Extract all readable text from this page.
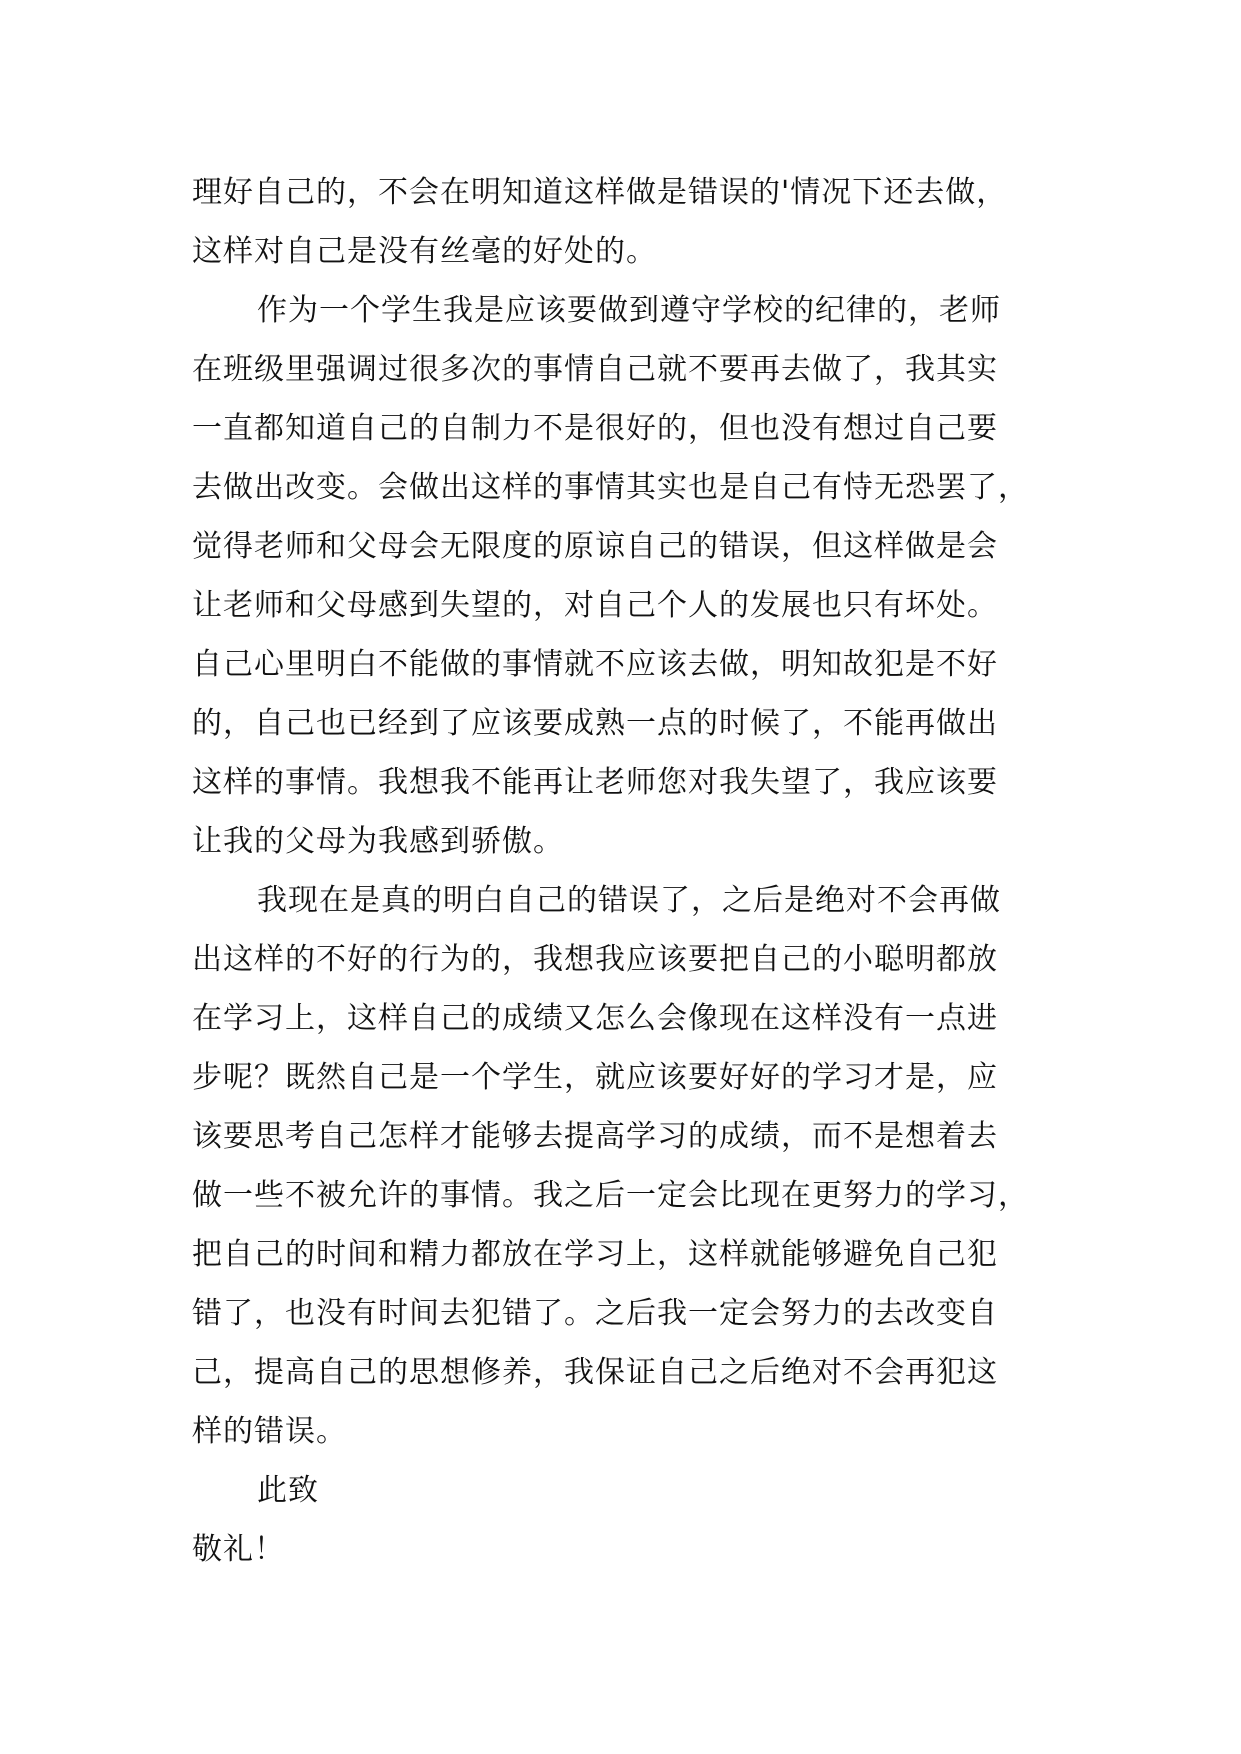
理好自己的，不会在明知道这样做是错误的'情况下还去做，
这样对自己是没有丝毫的好处的。
作为一个学生我是应该要做到遵守学校的纪律的，老师
在班级里强调过很多次的事情自己就不要再去做了，我其实
一直都知道自己的自制力不是很好的，但也没有想过自己要
去做出改变。会做出这样的事情其实也是自己有恃无恐罢了，
觉得老师和父母会无限度的原谅自己的错误，但这样做是会
让老师和父母感到失望的，对自己个人的发展也只有坏处。
自己心里明白不能做的事情就不应该去做，明知故犯是不好
的，自己也已经到了应该要成熟一点的时候了，不能再做出
这样的事情。我想我不能再让老师您对我失望了，我应该要
让我的父母为我感到骄傲。
我现在是真的明白自己的错误了，之后是绝对不会再做
出这样的不好的行为的，我想我应该要把自己的小聪明都放
在学习上，这样自己的成绩又怎么会像现在这样没有一点进
步呢？既然自己是一个学生，就应该要好好的学习才是，应
该要思考自己怎样才能够去提高学习的成绩，而不是想着去
做一些不被允许的事情。我之后一定会比现在更努力的学习，
把自己的时间和精力都放在学习上，这样就能够避免自己犯
错了，也没有时间去犯错了。之后我一定会努力的去改变自
己，提高自己的思想修养，我保证自己之后绝对不会再犯这
样的错误。
此致
敬礼！
